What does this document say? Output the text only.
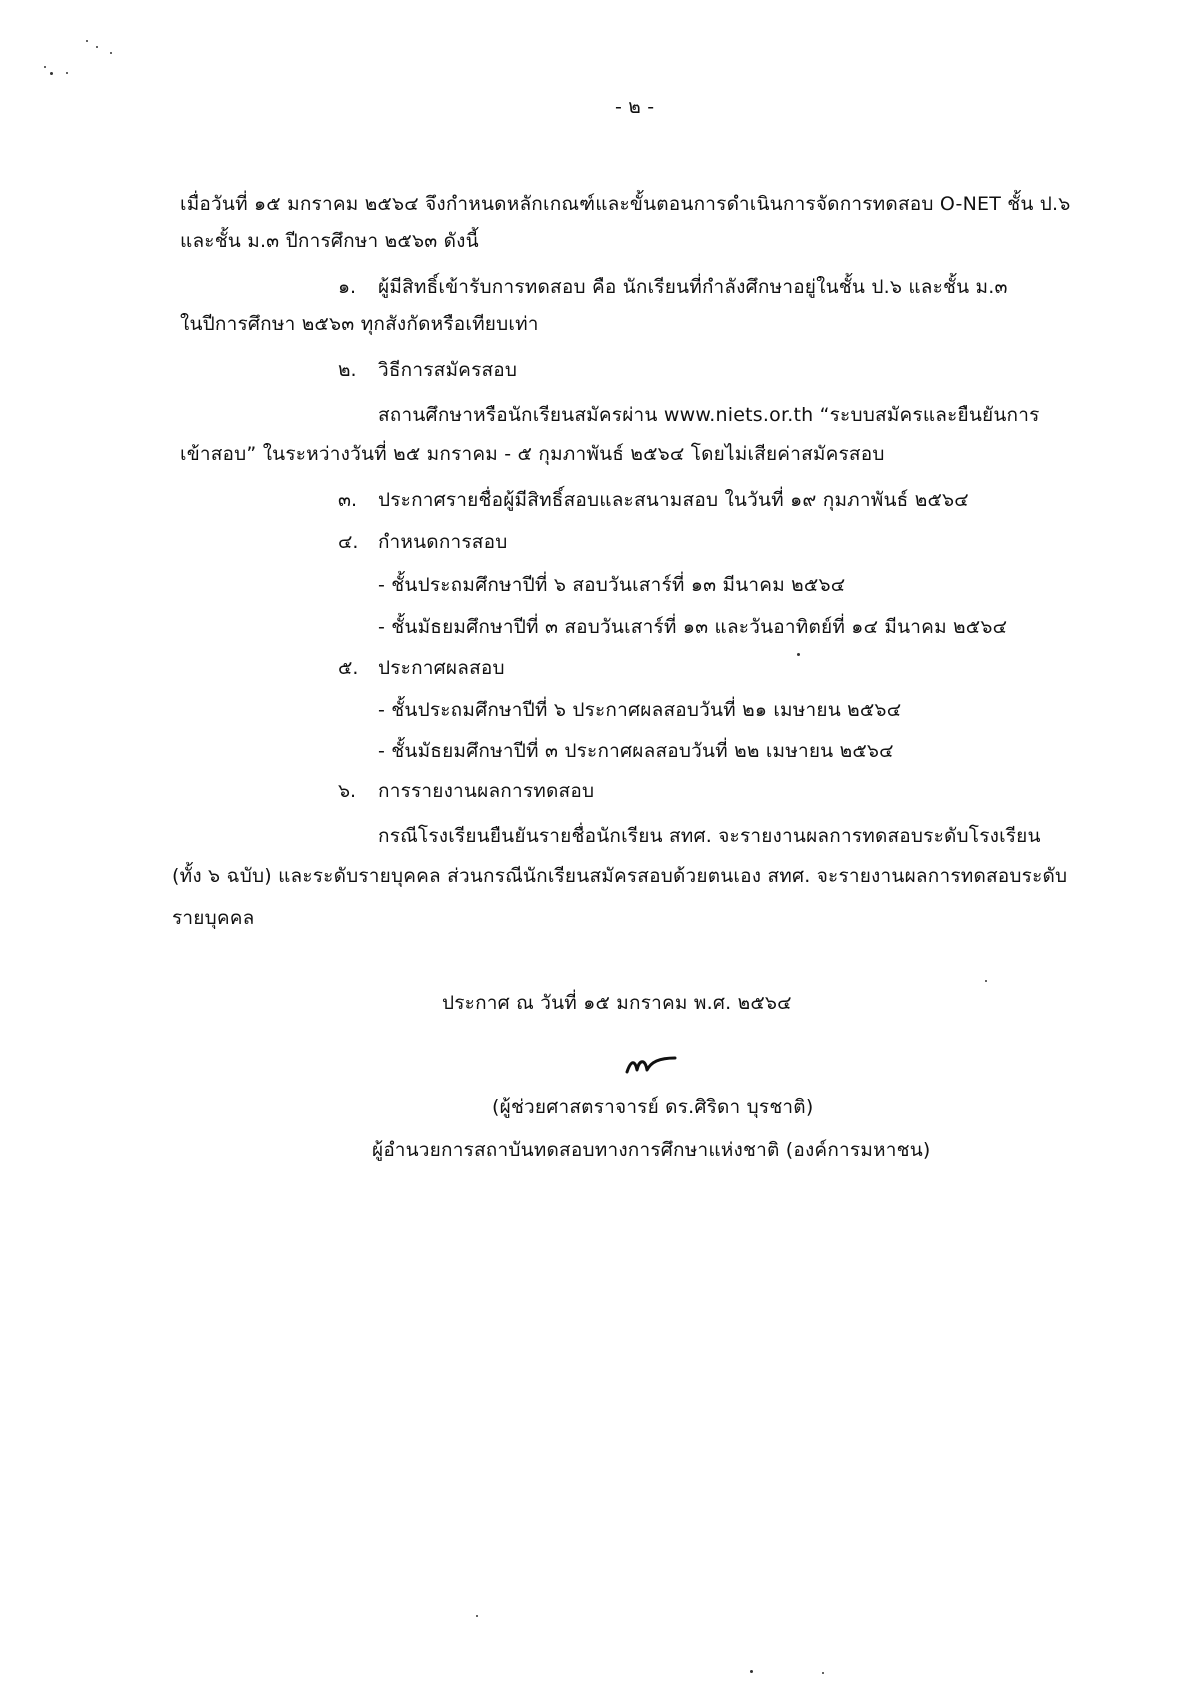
- ๒ -
เมื่อวันที่ ๑๕ มกราคม ๒๕๖๔ จึงกำหนดหลักเกณฑ์และขั้นตอนการดำเนินการจัดการทดสอบ O-NET ชั้น ป.๖
และชั้น ม.๓ ปีการศึกษา ๒๕๖๓ ดังนี้
๑. ผู้มีสิทธิ์เข้ารับการทดสอบ คือ นักเรียนที่กำลังศึกษาอยู่ในชั้น ป.๖ และชั้น ม.๓
ในปีการศึกษา ๒๕๖๓ ทุกสังกัดหรือเทียบเท่า
๒. วิธีการสมัครสอบ
สถานศึกษาหรือนักเรียนสมัครผ่าน www.niets.or.th “ระบบสมัครและยืนยันการ
เข้าสอบ” ในระหว่างวันที่ ๒๕ มกราคม - ๕ กุมภาพันธ์ ๒๕๖๔ โดยไม่เสียค่าสมัครสอบ
๓. ประกาศรายชื่อผู้มีสิทธิ์สอบและสนามสอบ ในวันที่ ๑๙ กุมภาพันธ์ ๒๕๖๔
๔. กำหนดการสอบ
- ชั้นประถมศึกษาปีที่ ๖ สอบวันเสาร์ที่ ๑๓ มีนาคม ๒๕๖๔
- ชั้นมัธยมศึกษาปีที่ ๓ สอบวันเสาร์ที่ ๑๓ และวันอาทิตย์ที่ ๑๔ มีนาคม ๒๕๖๔
๕. ประกาศผลสอบ
- ชั้นประถมศึกษาปีที่ ๖ ประกาศผลสอบวันที่ ๒๑ เมษายน ๒๕๖๔
- ชั้นมัธยมศึกษาปีที่ ๓ ประกาศผลสอบวันที่ ๒๒ เมษายน ๒๕๖๔
๖. การรายงานผลการทดสอบ
กรณีโรงเรียนยืนยันรายชื่อนักเรียน สทศ. จะรายงานผลการทดสอบระดับโรงเรียน
(ทั้ง ๖ ฉบับ) และระดับรายบุคคล ส่วนกรณีนักเรียนสมัครสอบด้วยตนเอง สทศ. จะรายงานผลการทดสอบระดับ
รายบุคคล
ประกาศ ณ วันที่ ๑๕ มกราคม พ.ศ. ๒๕๖๔
(ผู้ช่วยศาสตราจารย์ ดร.ศิริดา บุรชาติ)
ผู้อำนวยการสถาบันทดสอบทางการศึกษาแห่งชาติ (องค์การมหาชน)
